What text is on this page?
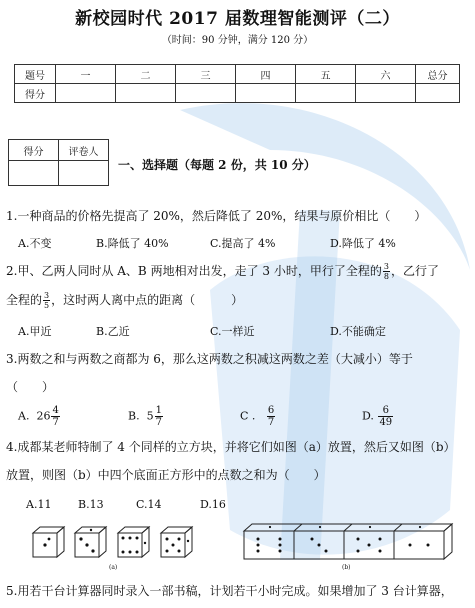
新校园时代 2017 届数理智能测评（二）
（时间：90 分钟，满分 120 分）
题号	一	二	三	四	五	六	总分
得分							
得分	评卷人

一、选择题（每题 2 份，共 10 分）
1.一种商品的价格先提高了 20%，然后降低了 20%，结果与原价相比（　　）
A.不变	B.降低了 40%	C.提高了 4%	D.降低了 4%
2.甲、乙两人同时从 A、B 两地相对出发，走了 3 小时，甲行了全程的 $\frac{3}{8}$ ，乙行了
全程的 $\frac{3}{5}$ ，这时两人离中点的距离（　　　）
A.甲近	B.乙近	C.一样近	D.不能确定
3.两数之和与两数之商都为 6，那么这两数之积减这两数之差（大减小）等于
（　　）
A. $26 \frac{4}{7}$	B. $5 \frac{1}{7}$	C . $\frac{6}{7}$	D. $\frac{6}{49}$
4.成都某老师特制了 4 个同样的立方块，并将它们如图（a）放置，然后又如图（b）
放置，则图（b）中四个底面正方形中的点数之和为（　　）
A.11 B.13	C.14	D.16
(a)	(b)
5.用若干台计算器同时录入一部书稿，计划若干小时完成。如果增加了 3 台计算器，
